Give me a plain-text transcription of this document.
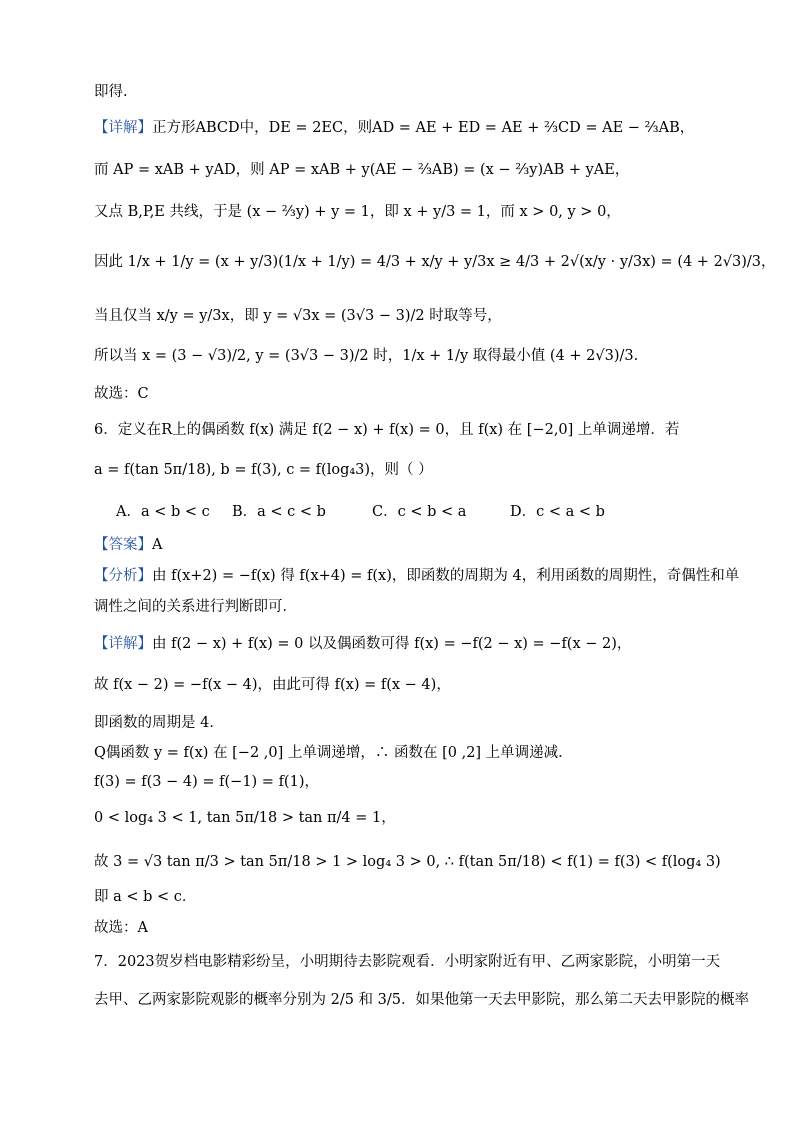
即得.
【详解】正方形ABCD中，DE = 2EC，则AD = AE + ED = AE + ⅔CD = AE − ⅔AB，
而 AP = xAB + yAD，则 AP = xAB + y(AE − ⅔AB) = (x − ⅔y)AB + yAE，
又点 B,P,E 共线，于是 (x − ⅔y) + y = 1，即 x + y/3 = 1，而 x > 0, y > 0，
因此 1/x + 1/y = (x + y/3)(1/x + 1/y) = 4/3 + x/y + y/3x ≥ 4/3 + 2√(x/y · y/3x) = (4 + 2√3)/3，
当且仅当 x/y = y/3x，即 y = √3x = (3√3 − 3)/2 时取等号，
所以当 x = (3 − √3)/2, y = (3√3 − 3)/2 时，1/x + 1/y 取得最小值 (4 + 2√3)/3.
故选：C
6．定义在R上的偶函数 f(x) 满足 f(2 − x) + f(x) = 0，且 f(x) 在 [−2,0] 上单调递增．若
a = f(tan 5π/18), b = f(3), c = f(log₄3)，则（ ）
A．a < b < c B．a < c < b	C．c < b < a	D．c < a < b
【答案】A
【分析】由 f(x+2) = −f(x) 得 f(x+4) = f(x)，即函数的周期为 4，利用函数的周期性，奇偶性和单
调性之间的关系进行判断即可．
【详解】由 f(2 − x) + f(x) = 0 以及偶函数可得 f(x) = −f(2 − x) = −f(x − 2)，
故 f(x − 2) = −f(x − 4)，由此可得 f(x) = f(x − 4)，
即函数的周期是 4．
Q偶函数 y = f(x) 在 [−2 ,0] 上单调递增，∴ 函数在 [0 ,2] 上单调递减．
f(3) = f(3 − 4) = f(−1) = f(1)，
0 < log₄ 3 < 1, tan 5π/18 > tan π/4 = 1，
故 3 = √3 tan π/3 > tan 5π/18 > 1 > log₄ 3 > 0, ∴ f(tan 5π/18) < f(1) = f(3) < f(log₄ 3)
即 a < b < c．
故选：A
7．2023贺岁档电影精彩纷呈，小明期待去影院观看．小明家附近有甲、乙两家影院，小明第一天
去甲、乙两家影院观影的概率分别为 2/5 和 3/5．如果他第一天去甲影院，那么第二天去甲影院的概率
